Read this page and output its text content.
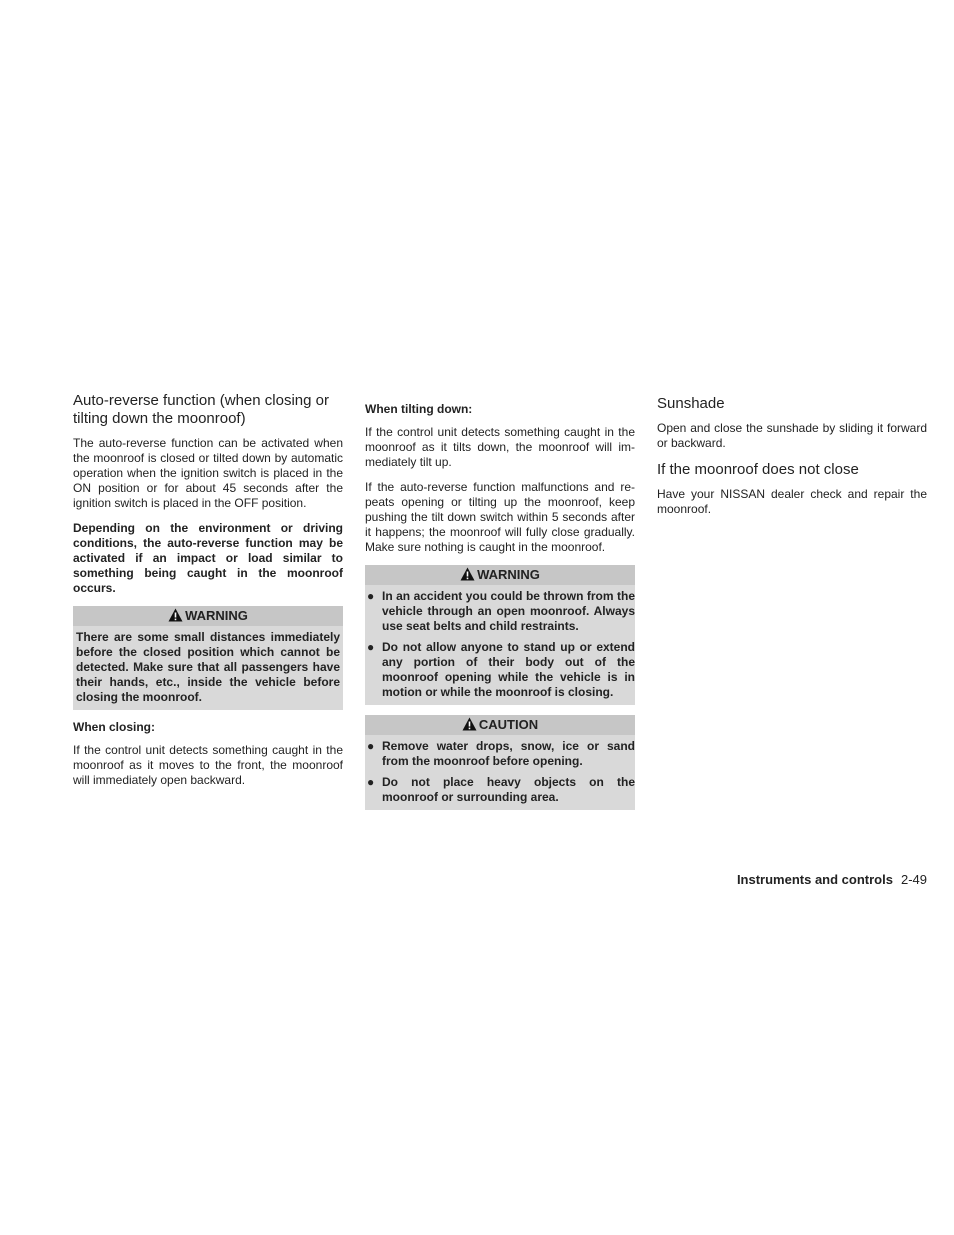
Auto-reverse function (when closing or tilting down the moonroof)

The auto-reverse function can be activated when the moonroof is closed or tilted down by automatic operation when the ignition switch is placed in the ON position or for about 45 seconds after the ignition switch is placed in the OFF position.

Depending on the environment or driving conditions, the auto-reverse function may be activated if an impact or load similar to something being caught in the moonroof occurs.

WARNING
There are some small distances immediately before the closed position which cannot be detected. Make sure that all passengers have their hands, etc., inside the vehicle before closing the moonroof.
When closing:

If the control unit detects something caught in the moonroof as it moves to the front, the moonroof will immediately open backward.

When tilting down:

If the control unit detects something caught in the moonroof as it tilts down, the moonroof will immediately tilt up.

If the auto-reverse function malfunctions and repeats opening or tilting up the moonroof, keep pushing the tilt down switch within 5 seconds after it happens; the moonroof will fully close gradually. Make sure nothing is caught in the moonroof.

WARNING
● In an accident you could be thrown from the vehicle through an open moonroof. Always use seat belts and child restraints.
● Do not allow anyone to stand up or extend any portion of their body out of the moonroof opening while the vehicle is in motion or while the moonroof is closing.
CAUTION
● Remove water drops, snow, ice or sand from the moonroof before opening.
● Do not place heavy objects on the moonroof or surrounding area.
Sunshade

Open and close the sunshade by sliding it forward or backward.

If the moonroof does not close

Have your NISSAN dealer check and repair the moonroof.

Instruments and controls 2-49
